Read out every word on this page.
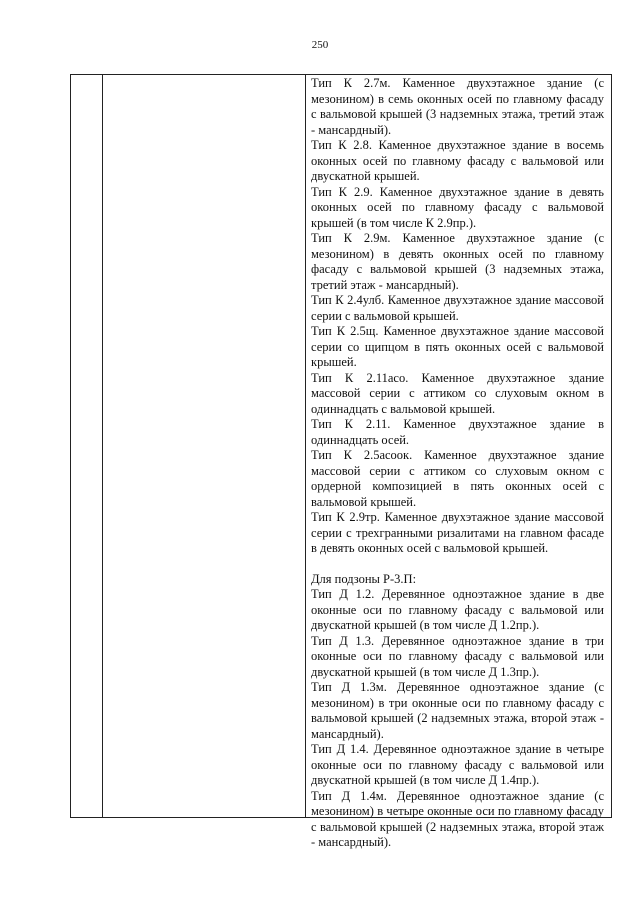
250

Тип К 2.7м. Каменное двухэтажное здание (с мезонином) в семь оконных осей по главному фасаду с вальмовой крышей (3 надземных этажа, третий этаж - мансардный).

Тип К 2.8. Каменное двухэтажное здание в восемь оконных осей по главному фасаду с вальмовой или двускатной крышей.

Тип К 2.9. Каменное двухэтажное здание в девять оконных осей по главному фасаду с вальмовой крышей (в том числе К 2.9пр.).

Тип К 2.9м. Каменное двухэтажное здание (с мезонином) в девять оконных осей по главному фасаду с вальмовой крышей (3 надземных этажа, третий этаж - мансардный).

Тип К 2.4улб. Каменное двухэтажное здание массовой серии с вальмовой крышей.

Тип К 2.5щ. Каменное двухэтажное здание массовой серии со щипцом в пять оконных осей с вальмовой крышей.

Тип К 2.11асо. Каменное двухэтажное здание массовой серии с аттиком со слуховым окном в одиннадцать с вальмовой крышей.

Тип К 2.11. Каменное двухэтажное здание в одиннадцать осей.

Тип К 2.5асоок. Каменное двухэтажное здание массовой серии с аттиком со слуховым окном с ордерной композицией в пять оконных осей с вальмовой крышей.

Тип К 2.9тр. Каменное двухэтажное здание массовой серии с трехгранными ризалитами на главном фасаде в девять оконных осей с вальмовой крышей.

Для подзоны Р-3.П:

Тип Д 1.2. Деревянное одноэтажное здание в две оконные оси по главному фасаду с вальмовой или двускатной крышей (в том числе Д 1.2пр.).

Тип Д 1.3. Деревянное одноэтажное здание в три оконные оси по главному фасаду с вальмовой или двускатной крышей (в том числе Д 1.3пр.).

Тип Д 1.3м. Деревянное одноэтажное здание (с мезонином) в три оконные оси по главному фасаду с вальмовой крышей (2 надземных этажа, второй этаж - мансардный).

Тип Д 1.4. Деревянное одноэтажное здание в четыре оконные оси по главному фасаду с вальмовой или двускатной крышей (в том числе Д 1.4пр.).

Тип Д 1.4м. Деревянное одноэтажное здание (с мезонином) в четыре оконные оси по главному фасаду с вальмовой крышей (2 надземных этажа, второй этаж - мансардный).
